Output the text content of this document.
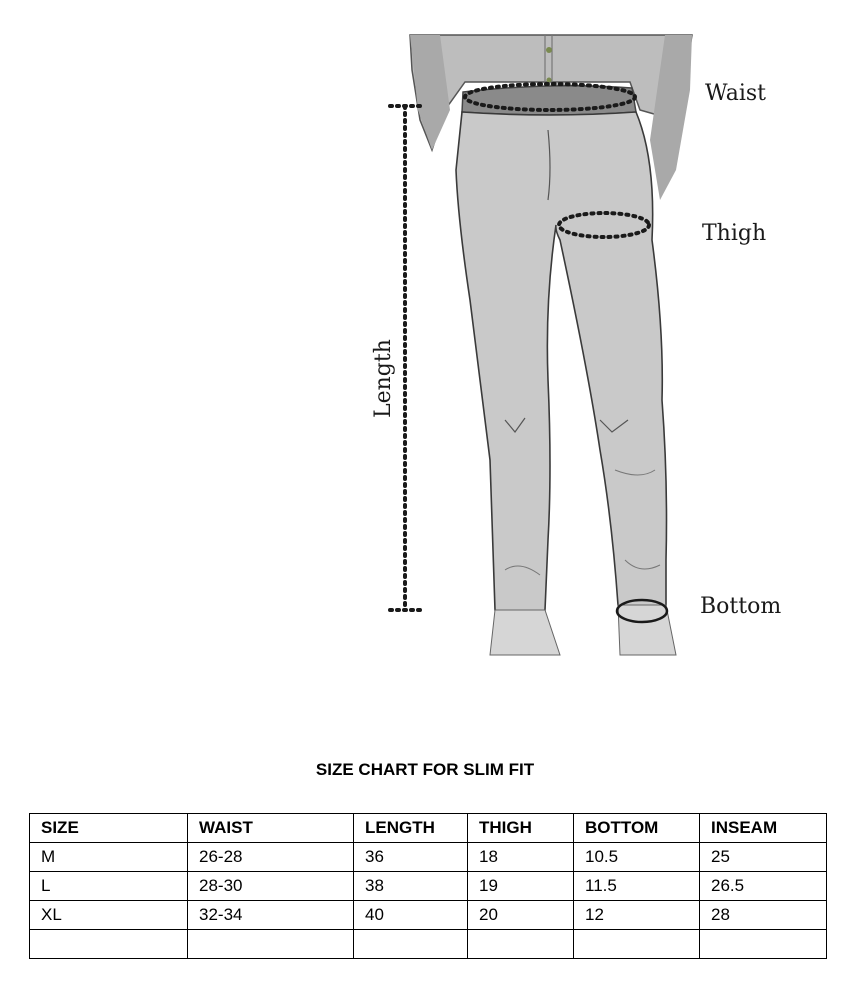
Waist
Thigh
Bottom
Length
SIZE CHART FOR SLIM FIT
SIZE	WAIST	LENGTH	THIGH	BOTTOM	INSEAM
M	26-28	36	18	10.5	25
L	28-30	38	19	11.5	26.5
XL	32-34	40	20	12	28
